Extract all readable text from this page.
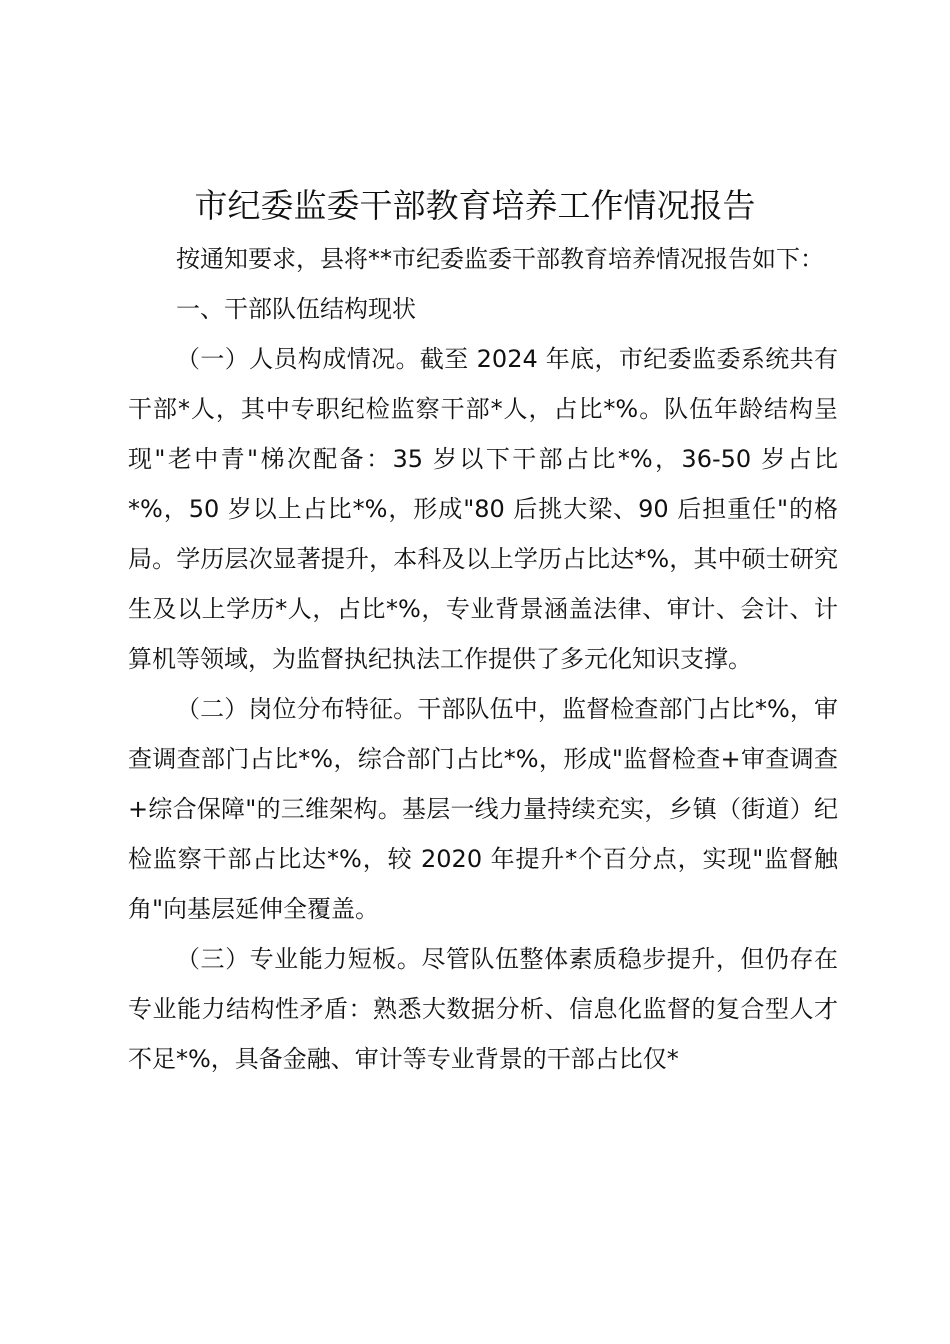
市纪委监委干部教育培养工作情况报告

按通知要求，县将**市纪委监委干部教育培养情况报告如下：

一、干部队伍结构现状

（一）人员构成情况。截至 2024 年底，市纪委监委系统共有干部*人，其中专职纪检监察干部*人，占比*%。队伍年龄结构呈现"老中青"梯次配备：35 岁以下干部占比*%，36-50 岁占比*%，50 岁以上占比*%，形成"80 后挑大梁、90 后担重任"的格局。学历层次显著提升，本科及以上学历占比达*%，其中硕士研究生及以上学历*人，占比*%，专业背景涵盖法律、审计、会计、计算机等领域，为监督执纪执法工作提供了多元化知识支撑。

（二）岗位分布特征。干部队伍中，监督检查部门占比*%，审查调查部门占比*%，综合部门占比*%，形成"监督检查+审查调查+综合保障"的三维架构。基层一线力量持续充实，乡镇（街道）纪检监察干部占比达*%，较 2020 年提升*个百分点，实现"监督触角"向基层延伸全覆盖。

（三）专业能力短板。尽管队伍整体素质稳步提升，但仍存在专业能力结构性矛盾：熟悉大数据分析、信息化监督的复合型人才不足*%，具备金融、审计等专业背景的干部占比仅*
